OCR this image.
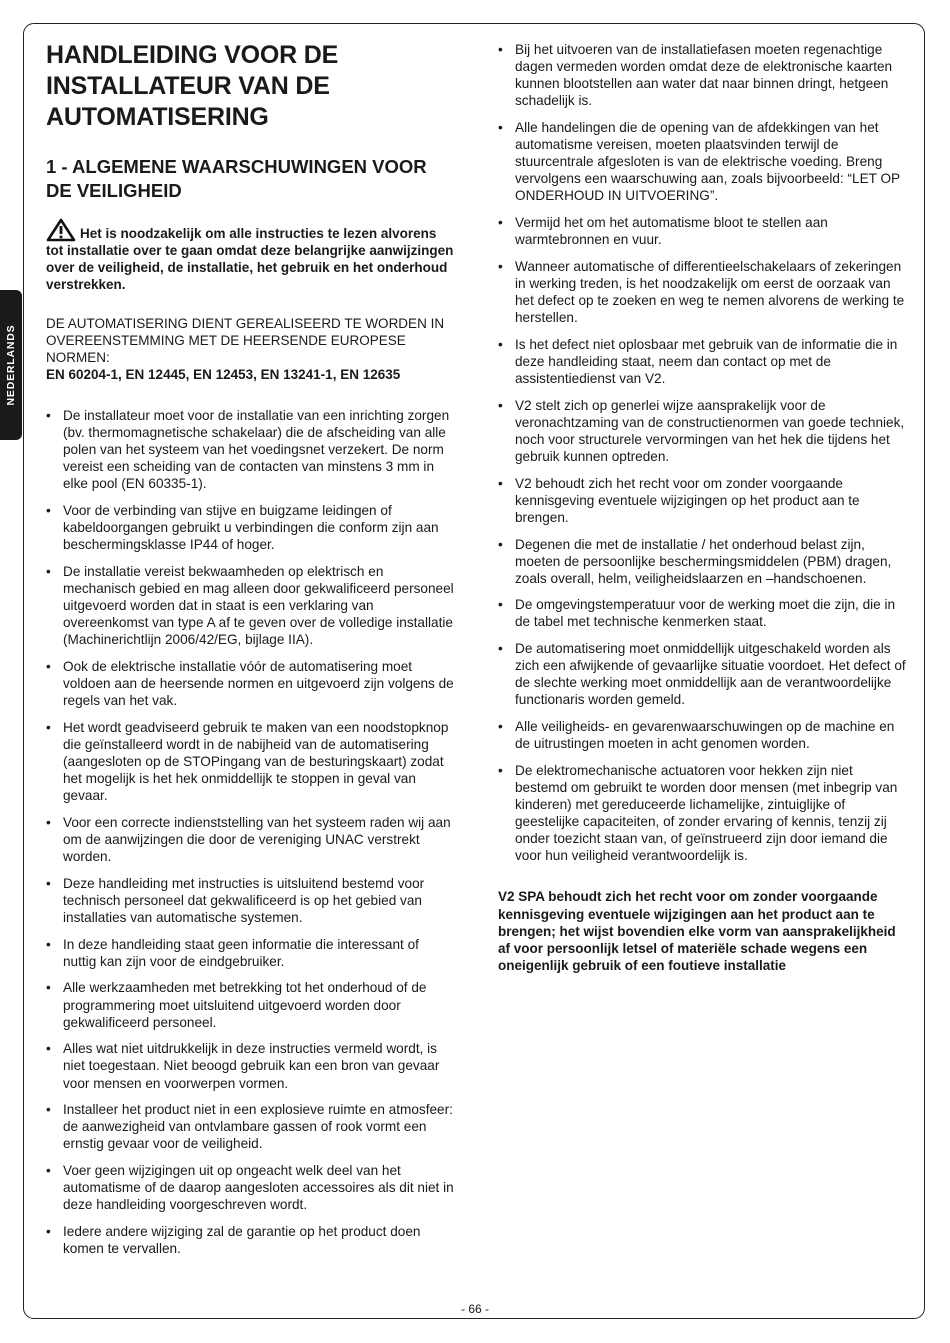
NEDERLANDS
HANDLEIDING VOOR DE INSTALLATEUR VAN DE AUTOMATISERING
1 - ALGEMENE WAARSCHUWINGEN VOOR DE VEILIGHEID

Het is noodzakelijk om alle instructies te lezen alvorens tot installatie over te gaan omdat deze belangrijke aanwijzingen over de veiligheid, de installatie, het gebruik en het onderhoud verstrekken.

DE AUTOMATISERING DIENT GEREALISEERD TE WORDEN IN OVEREENSTEMMING MET DE HEERSENDE EUROPESE NORMEN:
EN 60204-1, EN 12445, EN 12453, EN 13241-1, EN 12635

• De installateur moet voor de installatie van een inrichting zorgen (bv. thermomagnetische schakelaar) die de afscheiding van alle polen van het systeem van het voedingsnet verzekert. De norm vereist een scheiding van de contacten van minstens 3 mm in elke pool (EN 60335-1).
• Voor de verbinding van stijve en buigzame leidingen of kabeldoorgangen gebruikt u verbindingen die conform zijn aan beschermingsklasse IP44 of hoger.
• De installatie vereist bekwaamheden op elektrisch en mechanisch gebied en mag alleen door gekwalificeerd personeel uitgevoerd worden dat in staat is een verklaring van overeenkomst van type A af te geven over de volledige installatie (Machinerichtlijn 2006/42/EG, bijlage IIA).
• Ook de elektrische installatie vóór de automatisering moet voldoen aan de heersende normen en uitgevoerd zijn volgens de regels van het vak.
• Het wordt geadviseerd gebruik te maken van een noodstopknop die geïnstalleerd wordt in de nabijheid van de automatisering (aangesloten op de STOPingang van de besturingskaart) zodat het mogelijk is het hek onmiddellijk te stoppen in geval van gevaar.
• Voor een correcte indienststelling van het systeem raden wij aan om de aanwijzingen die door de vereniging UNAC verstrekt worden.
• Deze handleiding met instructies is uitsluitend bestemd voor technisch personeel dat gekwalificeerd is op het gebied van installaties van automatische systemen.
• In deze handleiding staat geen informatie die interessant of nuttig kan zijn voor de eindgebruiker.
• Alle werkzaamheden met betrekking tot het onderhoud of de programmering moet uitsluitend uitgevoerd worden door gekwalificeerd personeel.
• Alles wat niet uitdrukkelijk in deze instructies vermeld wordt, is niet toegestaan. Niet beoogd gebruik kan een bron van gevaar voor mensen en voorwerpen vormen.
• Installeer het product niet in een explosieve ruimte en atmosfeer: de aanwezigheid van ontvlambare gassen of rook vormt een ernstig gevaar voor de veiligheid.
• Voer geen wijzigingen uit op ongeacht welk deel van het automatisme of de daarop aangesloten accessoires als dit niet in deze handleiding voorgeschreven wordt.
• Iedere andere wijziging zal de garantie op het product doen komen te vervallen.
• Bij het uitvoeren van de installatiefasen moeten regenachtige dagen vermeden worden omdat deze de elektronische kaarten kunnen blootstellen aan water dat naar binnen dringt, hetgeen schadelijk is.
• Alle handelingen die de opening van de afdekkingen van het automatisme vereisen, moeten plaatsvinden terwijl de stuurcentrale afgesloten is van de elektrische voeding. Breng vervolgens een waarschuwing aan, zoals bijvoorbeeld: “LET OP ONDERHOUD IN UITVOERING”.
• Vermijd het om het automatisme bloot te stellen aan warmtebronnen en vuur.
• Wanneer automatische of differentieelschakelaars of zekeringen in werking treden, is het noodzakelijk om eerst de oorzaak van het defect op te zoeken en weg te nemen alvorens de werking te herstellen.
• Is het defect niet oplosbaar met gebruik van de informatie die in deze handleiding staat, neem dan contact op met de assistentiedienst van V2.
• V2 stelt zich op generlei wijze aansprakelijk voor de veronachtzaming van de constructienormen van goede techniek, noch voor structurele vervormingen van het hek die tijdens het gebruik kunnen optreden.
• V2 behoudt zich het recht voor om zonder voorgaande kennisgeving eventuele wijzigingen op het product aan te brengen.
• Degenen die met de installatie / het onderhoud belast zijn, moeten de persoonlijke beschermingsmiddelen (PBM) dragen, zoals overall, helm, veiligheidslaarzen en –handschoenen.
• De omgevingstemperatuur voor de werking moet die zijn, die in de tabel met technische kenmerken staat.
• De automatisering moet onmiddellijk uitgeschakeld worden als zich een afwijkende of gevaarlijke situatie voordoet. Het defect of de slechte werking moet onmiddellijk aan de verantwoordelijke functionaris worden gemeld.
• Alle veiligheids- en gevarenwaarschuwingen op de machine en de uitrustingen moeten in acht genomen worden.
• De elektromechanische actuatoren voor hekken zijn niet bestemd om gebruikt te worden door mensen (met inbegrip van kinderen) met gereduceerde lichamelijke, zintuiglijke of geestelijke capaciteiten, of zonder ervaring of kennis, tenzij zij onder toezicht staan van, of geïnstrueerd zijn door iemand die voor hun veiligheid verantwoordelijk is.

V2 SPA behoudt zich het recht voor om zonder voorgaande kennisgeving eventuele wijzigingen aan het product aan te brengen; het wijst bovendien elke vorm van aansprakelijkheid af voor persoonlijk letsel of materiële schade wegens een oneigenlijk gebruik of een foutieve installatie

- 66 -
